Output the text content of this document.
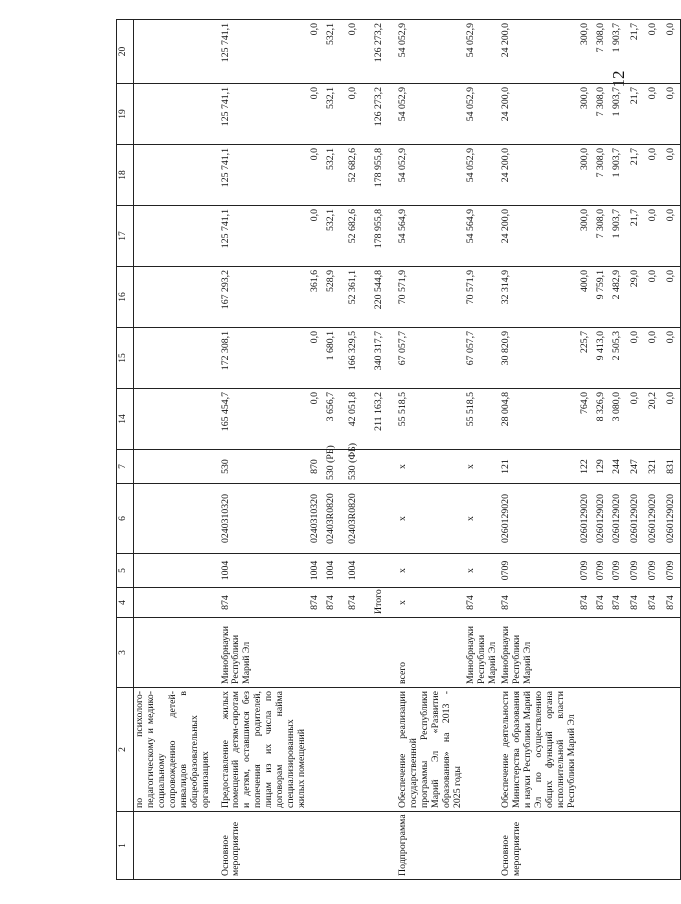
12
1	2	3	4	5	6	7	14	15	16	17	18	19	20
	по психолого-педагогическому и медико-социальному сопровождению детей-инвалидов в общеобразовательных организациях												
Основное мероприятие	Предоставление жилых помещений детям-сиротам и детям, оставшимся без попечения родителей, лицам из их числа по договорам найма специализированных жилых помещений	Минобрнауки Республики Марий Эл	874	1004	0240310320	530	165 454,7	172 308,1	167 293,2	125 741,1	125 741,1	125 741,1	125 741,1
			874	1004	0240310320	870	0,0	0,0	361,6	0,0	0,0	0,0	0,0
			874	1004	02403R0820	530 (РБ)	3 656,7	1 680,1	528,9	532,1	532,1	532,1	532,1
			874	1004	02403R0820	530 (ФБ)	42 051,8	166 329,5	52 361,1	52 682,6	52 682,6	0,0	0,0
			Итого				211 163,2	340 317,7	220 544,8	178 955,8	178 955,8	126 273,2	126 273,2
Подпрограмма	Обеспечение реализации государственной программы Республики Марий Эл «Развитие образования» на 2013 - 2025 годы	всего	х	х	х	х	55 518,5	67 057,7	70 571,9	54 564,9	54 052,9	54 052,9	54 052,9
		Минобрнауки Республики Марий Эл	874	х	х	х	55 518,5	67 057,7	70 571,9	54 564,9	54 052,9	54 052,9	54 052,9
Основное мероприятие	Обеспечение деятельности Министерства образования и науки Республики Марий Эл по осуществлению общих функций органа исполнительной власти Республики Марий Эл	Минобрнауки Республики Марий Эл	874	0709	0260129020	121	28 004,8	30 820,9	32 314,9	24 200,0	24 200,0	24 200,0	24 200,0
			874	0709	0260129020	122	764,0	225,7	400,0	300,0	300,0	300,0	300,0
			874	0709	0260129020	129	8 326,9	9 413,0	9 759,1	7 308,0	7 308,0	7 308,0	7 308,0
			874	0709	0260129020	244	3 080,0	2 505,3	2 482,9	1 903,7	1 903,7	1 903,7	1 903,7
			874	0709	0260129020	247	0,0	0,0	29,0	21,7	21,7	21,7	21,7
			874	0709	0260129020	321	20,2	0,0	0,0	0,0	0,0	0,0	0,0
			874	0709	0260129020	831	0,0	0,0	0,0	0,0	0,0	0,0	0,0
